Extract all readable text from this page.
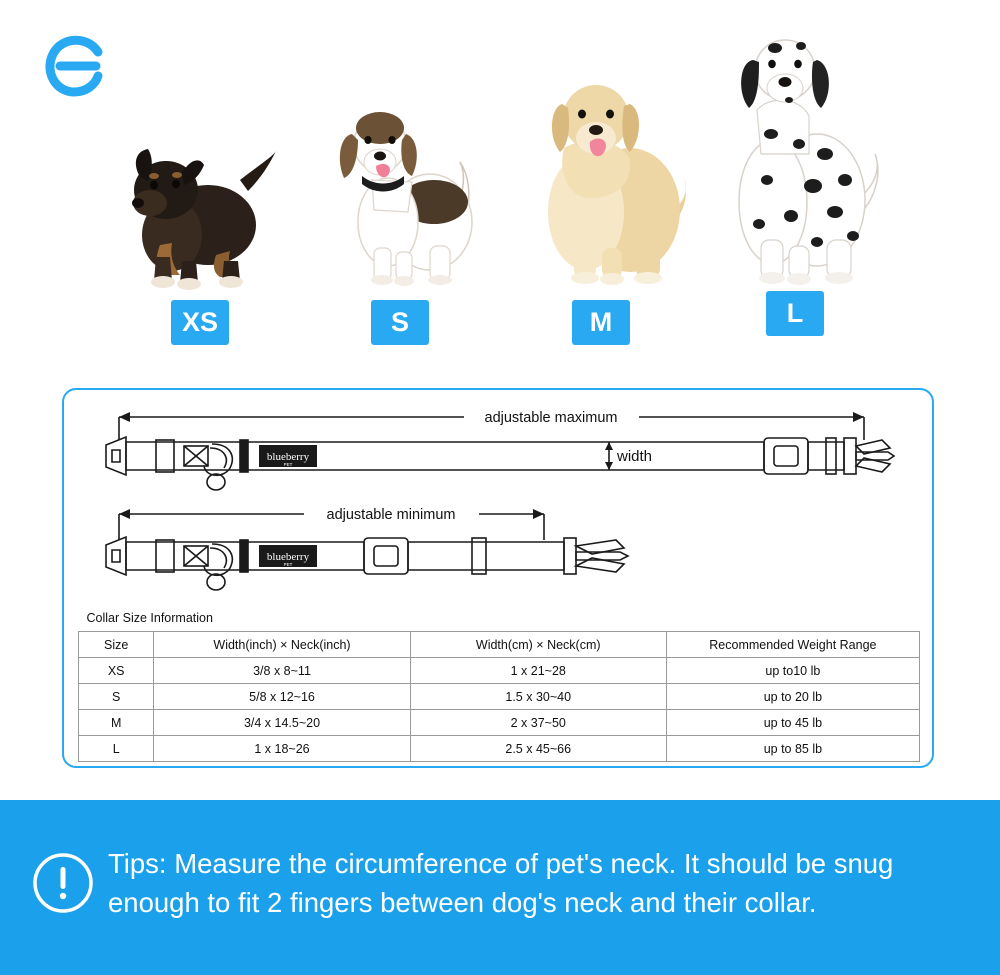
XS	S	M	L
adjustable maximum
adjustable minimum
width
blueberry
PET
blueberry
PET
Collar Size Information			
Size	Width(inch) × Neck(inch)	Width(cm) × Neck(cm)	Recommended Weight Range
XS	3/8 x 8~11	1 x 21~28	up to10 lb
S	5/8 x 12~16	1.5 x 30~40	up to 20 lb
M	3/4 x 14.5~20	2 x 37~50	up to 45 lb
L	1 x 18~26	2.5 x 45~66	up to 85 lb
Tips: Measure the circumference of pet's neck. It should be snug enough to fit 2 fingers between dog's neck and their collar.
